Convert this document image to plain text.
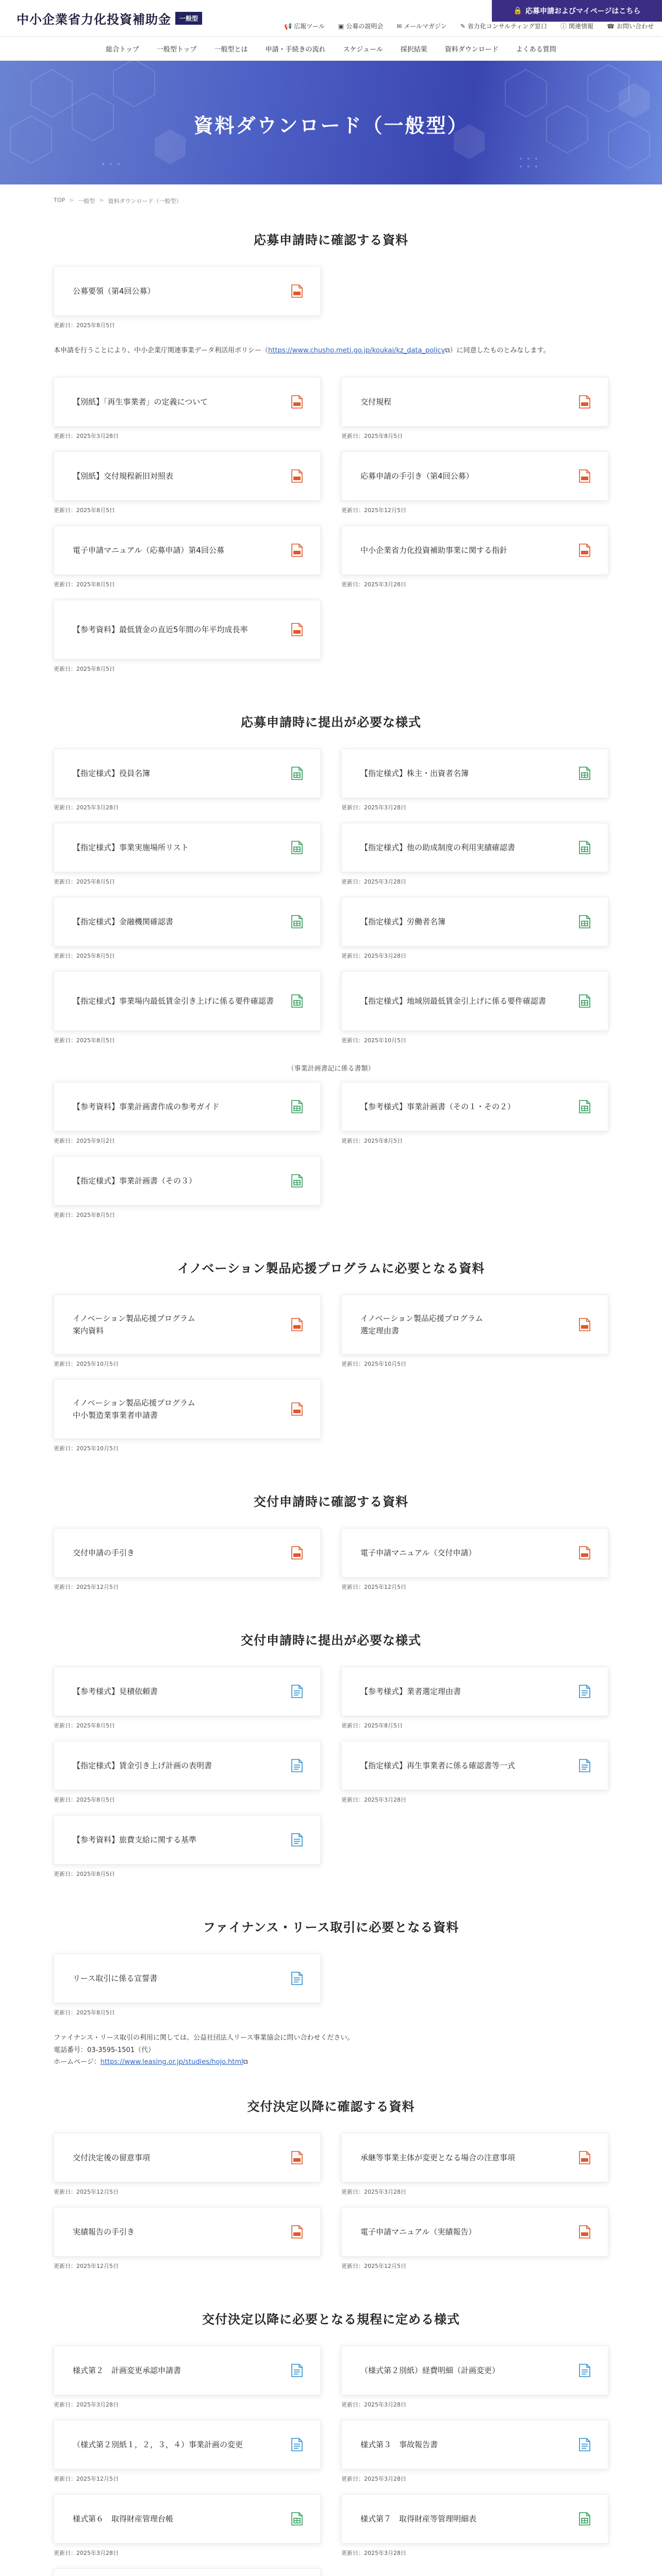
中小企業省力化投資補助金	一般型
📢 広報ツール ▣ 公募の説明会 ✉ メールマガジン ✎ 省力化コンサルティング窓口 ⓘ 関連情報 ☎ お問い合わせ
🔒 応募申請およびマイページはこちら
総合トップ	一般型トップ	一般型とは	申請・手続きの流れ	スケジュール	採択結果	資料ダウンロード	よくある質問
資料ダウンロード（一般型）
TOP > 一般型 > 資料ダウンロード（一般型）
応募申請時に確認する資料
公募要領（第4回公募）
更新日：2025年8月5日

本申請を行うことにより、中小企業庁関連事業データ利活用ポリシー（https://www.chusho.meti.go.jp/koukai/kz_data_policy⧉）に同意したものとみなします。

【別紙】「再生事業者」の定義について
更新日：2025年3月28日
交付規程
更新日：2025年8月5日
【別紙】交付規程新旧対照表
更新日：2025年8月5日
応募申請の手引き（第4回公募）
更新日：2025年12月5日
電子申請マニュアル（応募申請）第4回公募
更新日：2025年8月5日
中小企業省力化投資補助事業に関する指針
更新日：2025年3月28日
【参考資料】最低賃金の直近5年間の年平均成長率
更新日：2025年8月5日
応募申請時に提出が必要な様式
【指定様式】役員名簿
更新日：2025年3月28日
【指定様式】株主・出資者名簿
更新日：2025年3月28日
【指定様式】事業実施場所リスト
更新日：2025年8月5日
【指定様式】他の助成制度の利用実績確認書
更新日：2025年3月28日
【指定様式】金融機関確認書
更新日：2025年8月5日
【指定様式】労働者名簿
更新日：2025年3月28日
【指定様式】事業場内最低賃金引き上げに係る要件確認書
更新日：2025年8月5日
【指定様式】地域別最低賃金引上げに係る要件確認書
更新日：2025年10月5日

（事業計画書記に係る書類）

【参考資料】事業計画書作成の参考ガイド
更新日：2025年9月2日
【参考様式】事業計画書（その１・その２）
更新日：2025年8月5日
【指定様式】事業計画書（その３）
更新日：2025年8月5日
イノベーション製品応援プログラムに必要となる資料
イノベーション製品応援プログラム
案内資料
更新日：2025年10月5日
イノベーション製品応援プログラム
選定理由書
更新日：2025年10月5日
イノベーション製品応援プログラム
中小製造業事業者申請書
更新日：2025年10月5日
交付申請時に確認する資料
交付申請の手引き
更新日：2025年12月5日
電子申請マニュアル（交付申請）
更新日：2025年12月5日
交付申請時に提出が必要な様式
【参考様式】見積依頼書
更新日：2025年8月5日
【参考様式】業者選定理由書
更新日：2025年8月5日
【指定様式】賃金引き上げ計画の表明書
更新日：2025年8月5日
【指定様式】再生事業者に係る確認書等一式
更新日：2025年3月28日
【参考資料】旅費支給に関する基準
更新日：2025年8月5日
ファイナンス・リース取引に必要となる資料
リース取引に係る宣誓書
更新日：2025年8月5日

ファイナンス・リース取引の利用に関しては、公益社団法人リース事業協会に問い合わせください。
電話番号：03-3595-1501（代）
ホームページ：https://www.leasing.or.jp/studies/hojo.html⧉

交付決定以降に確認する資料
交付決定後の留意事項
更新日：2025年12月5日
承継等事業主体が変更となる場合の注意事項
更新日：2025年3月28日
実績報告の手引き
更新日：2025年12月5日
電子申請マニュアル（実績報告）
更新日：2025年12月5日
交付決定以降に必要となる規程に定める様式
様式第２　計画変更承認申請書
更新日：2025年3月28日
（様式第２別紙）経費明細（計画変更）
更新日：2025年3月28日
（様式第２別紙１，２，３，４）事業計画の変更
更新日：2025年12月5日
様式第３　事故報告書
更新日：2025年3月28日
様式第６　取得財産管理台帳
更新日：2025年3月28日
様式第７　取得財産等管理明細表
更新日：2025年3月28日
